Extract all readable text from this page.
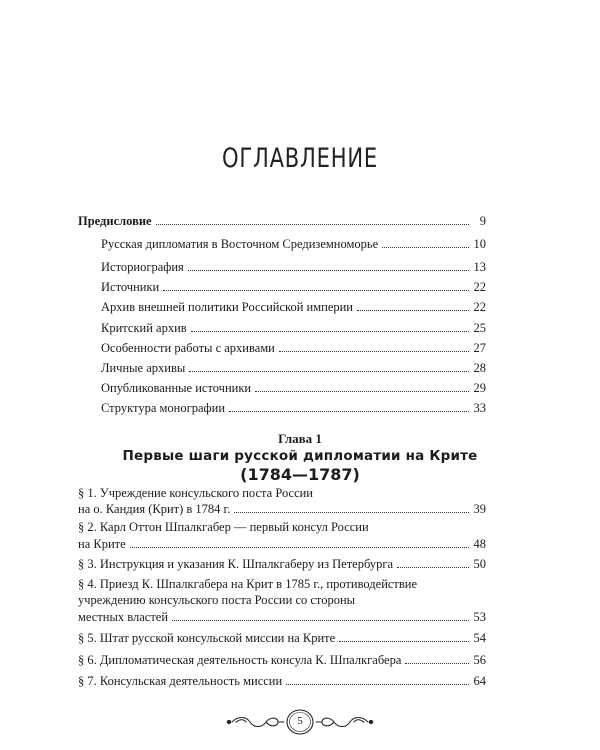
ОГЛАВЛЕНИЕ
Предисловие	9
Русская дипломатия в Восточном Средиземноморье	10
Историография	13
Источники	22
Архив внешней политики Российской империи	22
Критский архив	25
Особенности работы с архивами	27
Личные архивы	28
Опубликованные источники	29
Структура монографии	33
Глава 1
Первые шаги русской дипломатии на Крите
(1784—1787)
§ 1. Учреждение консульского поста России
на о. Кандия (Крит) в 1784 г.	39
§ 2. Карл Оттон Шпалкгабер — первый консул России
на Крите	48
§ 3. Инструкция и указания К. Шпалкгаберу из Петербурга	50
§ 4. Приезд К. Шпалкгабера на Крит в 1785 г., противодействие
учреждению консульского поста России со стороны
местных властей	53
§ 5. Штат русской консульской миссии на Крите	54
§ 6. Дипломатическая деятельность консула К. Шпалкгабера	56
§ 7. Консульская деятельность миссии	64
5
